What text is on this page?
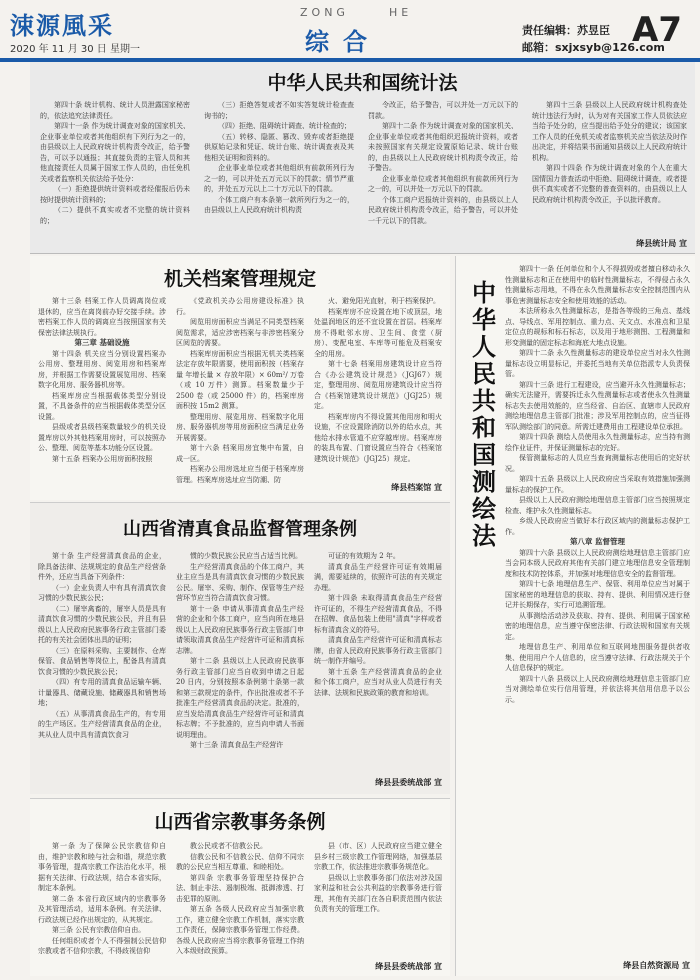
涑源風采
2020 年 11 月 30 日 星期一
ZONG	HE
综合	责任编辑：苏昱臣
邮箱：sxjxsyb@126.com
A7
中华人民共和国统计法

第四十条 统计机构、统计人员泄露国家秘密的，依法追究法律责任。

第四十一条 作为统计调查对象的国家机关、企业事业单位或者其他组织有下列行为之一的，由县级以上人民政府统计机构责令改正，给予警告，可以予以通报；其直接负责的主管人员和其他直接责任人员属于国家工作人员的，由任免机关或者监察机关依法给予处分：

（一）拒绝提供统计资料或者经催报后仍未按时提供统计资料的；

（二）提供不真实或者不完整的统计资料的；

（三）拒绝答复或者不如实答复统计检查查询书的；

（四）拒绝、阻碍统计调查、统计检查的；

（五）转移、隐匿、篡改、毁弃或者拒绝提供原始记录和凭证、统计台账、统计调查表及其他相关证明和资料的。

企业事业单位或者其他组织有前款所列行为之一的，可以并处五万元以下的罚款；情节严重的，并处五万元以上二十万元以下的罚款。

个体工商户有本条第一款所列行为之一的，由县级以上人民政府统计机构责

令改正，给予警告，可以并处一万元以下的罚款。

第四十二条 作为统计调查对象的国家机关、企业事业单位或者其他组织迟报统计资料，或者未按照国家有关规定设置原始记录、统计台账的，由县级以上人民政府统计机构责令改正，给予警告。

企业事业单位或者其他组织有前款所列行为之一的，可以并处一万元以下的罚款。

个体工商户迟报统计资料的，由县级以上人民政府统计机构责令改正，给予警告，可以并处一千元以下的罚款。

第四十三条 县级以上人民政府统计机构查处统计违法行为时，认为对有关国家工作人员依法应当给予处分的，应当提出给予处分的建议；该国家工作人员的任免机关或者监察机关应当依法及时作出决定，并将结果书面通知县级以上人民政府统计机构。

第四十四条 作为统计调查对象的个人在重大国情国力普查活动中拒绝、阻碍统计调查，或者提供不真实或者不完整的普查资料的，由县级以上人民政府统计机构责令改正，予以批评教育。

绛县统计局 宣
机关档案管理规定

第十三条 档案工作人员调离岗位或退休的，应当在离岗前办好交接手续。涉密档案工作人员的调离应当按照国家有关保密法律法规执行。

第三章 基础设施

第十四条 机关应当分别设置档案办公用房、整理用房、阅览用房和档案库房，并根据工作需要设置展览用房、档案数字化用房、服务器机房等。

档案库房应当根据载体类型分别设置，不具备条件的应当根据载体类型分区设置。

县级或者县级档案数量较少的机关设置库房以外其他档案用房时，可以按照办公、整理、阅览等基本功能分区设置。

第十五条 档案办公用房面积按照

《党政机关办公用房建设标准》执行。

阅览用房面积应当满足不同类型档案阅览需求，适应涉密档案与非涉密档案分区阅览的需要。

档案库房面积应当根据无机关类档案法定存放年限需要，使用面积按（档案存量 年增长量 × 存放年限）× 60m²/ 万卷（或 10 万件）测算。档案数量少于 2500 卷（或 25000 件）的，档案库房面积按 15m2 测算。

整理用房、展览用房、档案数字化用房、服务器机房等用房面积应当满足业务开展需要。

第十六条 档案用房宜集中布置，自成一区。

档案办公用房选址应当便于档案库房管理。档案库房选址应当防潮、防

火、避免阳光直射，利于档案保护。

档案库房不应设置在地下或顶层，地处温润地区的还不宜设置在首层。档案库房不得毗邻水房、卫生间、食堂（厨房）、变配电室、车库等可能危及档案安全的用房。

第十七条 档案用房建筑设计应当符合《办公建筑设计规范》（JGJ67）规定，整理用房、阅览用房建筑设计应当符合《档案馆建筑设计规范》（JGJ25）规定。

档案库房内不得设置其他用房和明火设施，不应设置除消防以外的给水点，其他给水排水管道不应穿越库房。档案库房的装具布置、门窗设置应当符合《档案馆建筑设计规范》（JGJ25）规定。

绛县档案馆 宣
中华人民共和国测绘法

第四十一条 任何单位和个人不得损毁或者擅自移动永久性测量标志和正在使用中的临时性测量标志，不得侵占永久性测量标志用地，不得在永久性测量标志安全控制范围内从事危害测量标志安全和使用效能的活动。

本法所称永久性测量标志，是指各等级的三角点、基线点、导线点、军用控制点、重力点、天文点、水准点和卫星定位点的觇标和标石标志，以及用于地形测图、工程测量和形变测量的固定标志和海底大地点设施。

第四十二条 永久性测量标志的建设单位应当对永久性测量标志设立明显标记，并委托当地有关单位指派专人负责保管。

第四十三条 进行工程建设，应当避开永久性测量标志；确实无法避开，需要拆迁永久性测量标志或者使永久性测量标志失去使用效能的，应当经省、自治区、直辖市人民政府测绘地理信息主管部门批准；涉及军用控制点的，应当征得军队测绘部门的同意。所需迁建费用由工程建设单位承担。

第四十四条 测绘人员使用永久性测量标志，应当持有测绘作业证件，并保证测量标志的完好。

保管测量标志的人员应当查询测量标志使用后的完好状况。

第四十五条 县级以上人民政府应当采取有效措施加强测量标志的保护工作。

县级以上人民政府测绘地理信息主管部门应当按照规定检查、维护永久性测量标志。

乡级人民政府应当做好本行政区域内的测量标志保护工作。

第八章 监督管理

第四十六条 县级以上人民政府测绘地理信息主管部门应当会同本级人民政府其他有关部门建立地理信息安全管理制度和技术防控体系，并加强对地理信息安全的监督管理。

第四十七条 地理信息生产、保管、利用单位应当对属于国家秘密的地理信息的获取、持有、提供、利用情况进行登记并长期保存，实行可追溯管理。

从事测绘活动涉及获取、持有、提供、利用属于国家秘密的地理信息，应当遵守保密法律、行政法规和国家有关规定。

地理信息生产、利用单位和互联网地图服务提供者收集、使用用户个人信息的，应当遵守法律、行政法规关于个人信息保护的规定。

第四十八条 县级以上人民政府测绘地理信息主管部门应当对测绘单位实行信用管理，并依法将其信用信息予以公示。

绛县自然资源局 宣
山西省清真食品监督管理条例

第十条 生产经营清真食品的企业，除具备法律、法规规定的食品生产经营条件外，还应当具备下列条件：

（一）企业负责人中有具有清真饮食习惯的少数民族公民；

（二）屠宰禽畜的，屠宰人员是具有清真饮食习惯的少数民族公民，并且有县级以上人民政府民族事务行政主管部门委托的有关社会团体出具的证明；

（三）在原料采购、主要制作、仓库保管、食品销售等岗位上，配备具有清真饮食习惯的少数民族公民；

（四）有专用的清真食品运输车辆、计量器具、储藏设施、储藏器具和销售场地；

（五）从事清真食品生产的，有专用的生产场区。生产经营清真食品的企业，其从业人员中具有清真饮食习

惯的少数民族公民应当占适当比例。

生产经营清真食品的个体工商户，其业主应当是具有清真饮食习惯的少数民族公民。屠宰、采购、制作、保管等生产经营环节应当符合清真饮食习惯。

第十一条 申请从事清真食品生产经营的企业和个体工商户，应当向所在地县级以上人民政府民族事务行政主管部门申请领取清真食品生产经营许可证和清真标志牌。

第十二条 县级以上人民政府民族事务行政主管部门应当自收到申请之日起 20 日内，分别按照本条例第十条第一款和第三款规定的条件，作出批准或者不予批准生产经营清真食品的决定。批准的，应当发给清真食品生产经营许可证和清真标志牌；不予批准的，应当向申请人书面说明理由。

第十三条 清真食品生产经营许

可证的有效期为 2 年。

清真食品生产经营许可证有效期届满，需要延续的，依照许可法的有关规定办理。

第十四条 未取得清真食品生产经营许可证的，不得生产经营清真食品，不得在招牌、食品包装上使用"清真"字样或者标有清真含义的符号。

清真食品生产经营许可证和清真标志牌，由省人民政府民族事务行政主管部门统一制作并编号。

第十五条 生产经营清真食品的企业和个体工商户，应当对从业人员进行有关法律、法规和民族政策的教育和培训。

绛县县委统战部 宣
山西省宗教事务条例

第一条 为了保障公民宗教信仰自由，维护宗教和睦与社会和谐，规范宗教事务管理，提高宗教工作法治化水平，根据有关法律、行政法规，结合本省实际，制定本条例。

第二条 本省行政区域内的宗教事务及其管理活动，适用本条例。有关法律、行政法规已经作出规定的，从其规定。

第三条 公民有宗教信仰自由。

任何组织或者个人不得强制公民信仰宗教或者不信仰宗教，不得歧视信仰

教公民或者不信教公民。

信教公民和不信教公民、信仰不同宗教的公民应当相互尊重、和睦相处。

第四条 宗教事务管理坚持保护合法、制止非法、遏制极端、抵御渗透、打击犯罪的原则。

第五条 各级人民政府应当加强宗教工作，建立健全宗教工作机制，落实宗教工作责任，保障宗教事务管理工作经费。各级人民政府应当将宗教事务管理工作纳入本级财政预算。

县（市、区）人民政府应当建立健全县乡村三级宗教工作管理网络，加强基层宗教工作，依法推进宗教事务规范化。

县级以上宗教事务部门依法对涉及国家利益和社会公共利益的宗教事务进行管理，其他有关部门在各自职责范围内依法负责有关的管理工作。

绛县县委统战部 宣
